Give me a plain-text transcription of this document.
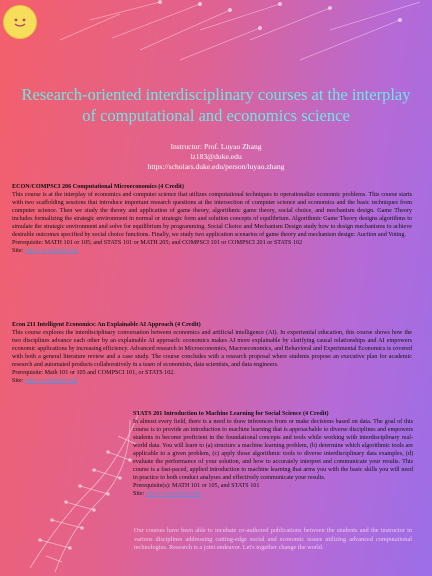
Research-oriented interdisciplinary courses at the interplay of computational and economics science
Instructor: Prof. Luyao Zhang
lz183@duke.edu
https://scholars.duke.edu/person/luyao.zhang
ECON/COMPSCI 206 Computational Microeconomics (4 Credit)

This course is at the interplay of economics and computer science that utilizes computational techniques to operationalize economic problems. This course starts with two scaffolding sessions that introduce important research questions at the intersection of computer science and economics and the basic techniques from computer science. Then we study the theory and application of game theory, algorithmic game theory, social choice, and mechanism design. Game Theory includes formalizing the strategic environment in normal or strategic form and solution concepts of equilibrium. Algorithmic Game Theory designs algorithms to simulate the strategic environment and solve for equilibrium by programming. Social Choice and Mechanism Design study how to design mechanisms to achieve desirable outcomes specified by social choice functions. Finally, we study two application scenarios of game theory and mechanism design: Auction and Voting.

Prerequisite: MATH 101 or 105; and STATS 101 or MATH 205; and COMPSCI 101 or COMPSCI 201 or STATS 102
Site: https://sc.pubpub.org/
Econ 211 Intelligent Economics: An Explainable AI Approach (4 Credit)

This course explores the interdisciplinary conversation between economics and artificial intelligence (AI). In experiential education, this course shows how the two disciplines advance each other by an explainable AI approach: economics makes AI more explainable by clarifying causal relationships and AI empowers economic applications by increasing efficiency. Advanced research in Microeconomics, Macroeconomics, and Behavioral and Experimental Economics is covered with both a general literature review and a case study. The course concludes with a research proposal where students propose an executive plan for academic research and automated products collaboratively in a team of economists, data scientists, and data engineers.

Prerequisite: Math 101 or 105 and COMPSCI 101, or STATS 102.
Site: https://ie.pubpub.org/
STATS 201 Introduction to Machine Learning for Social Science (4 Credit)

In almost every field, there is a need to draw inferences from or make decisions based on data. The goal of this course is to provide an introduction to machine learning that is approachable to diverse disciplines and empowers students to become proficient in the foundational concepts and tools while working with interdisciplinary real-world data. You will learn to (a) structure a machine learning problem, (b) determine which algorithmic tools are applicable to a given problem, (c) apply those algorithmic tools to diverse interdisciplinary data examples, (d) evaluate the performance of your solution, and how to accurately interpret and communicate your results. This course is a fast-paced, applied introduction to machine learning that arms you with the basic skills you will need in practice to both conduct analyses and effectively communicate your results.

Prerequisite(s): MATH 101 or 105, and STATS 101
Site: https://ms.pubpub.org/

Our courses have been able to incubate co-authored publications between the students and the instructor in various disciplines addressing cutting-edge social and economic issues utilizing advanced computational technologies. Research is a joint endeavor. Let's together change the world.
